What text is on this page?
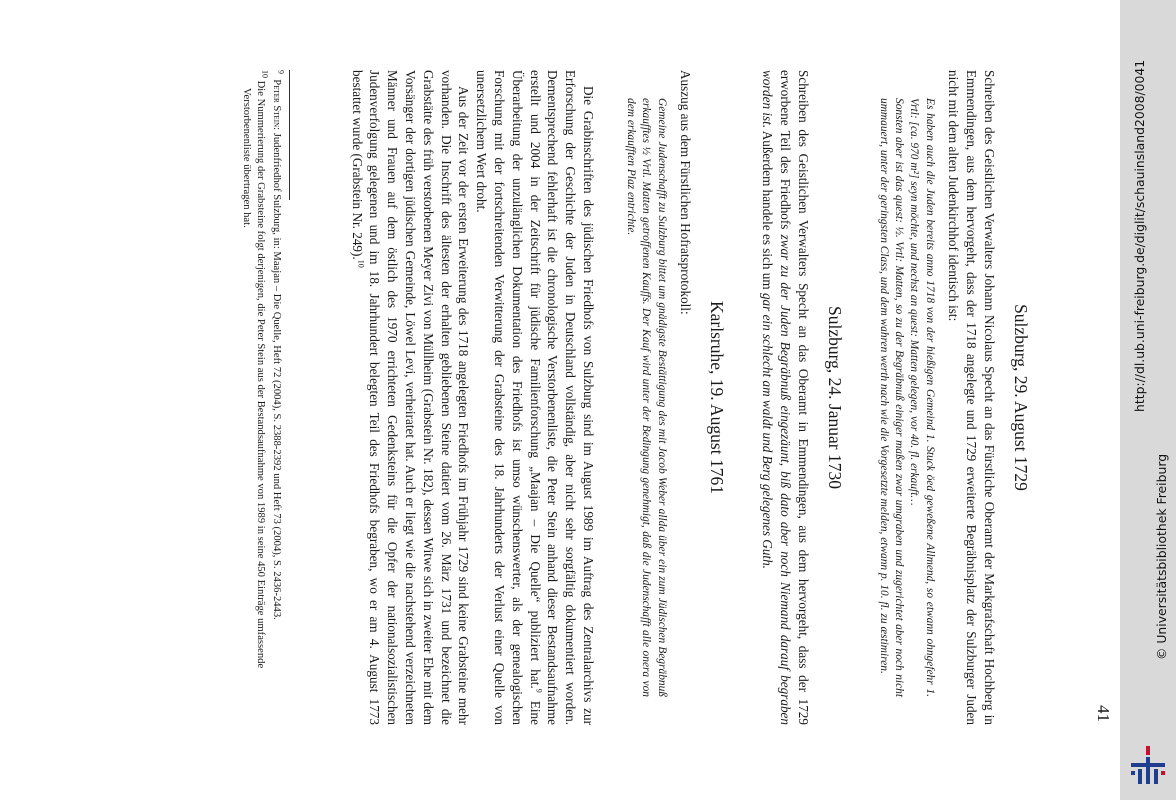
41
Sulzburg, 29. August 1729

Schreiben des Geistlichen Verwalters Johann Nicolaus Specht an das Fürstliche Oberamt der Markgrafschaft Hochberg in Emmendingen, aus dem hervorgeht, dass der 1718 angelegte und 1729 erweiterte Begräbnisplatz der Sulzburger Juden nicht mit dem alten Judenkirchhof identisch ist:

Es haben auch die Juden bereits anno 1718 von der hießigen Gemeind 1. Stuck öed geweßene Allmend, so etwann ohngefehr 1. Vrtl: [ca. 970 m²] seyn möchte, und nechst an quest: Matten gelegen, vor 40. fl. erkauft…

Sonsten aber ist das quest: ½. Vrtl: Matten, so zu der Begräbnuß einiger maßen zwar umgraben und zugerichtet aber noch nicht ummauert, unter der geringsten Class, und dem wahren werth nach wie die Vorgesetzte melden, etwann p. 10. fl. zu æstimiren.

Sulzburg, 24. Januar 1730

Schreiben des Geistlichen Verwalters Specht an das Oberamt in Emmendingen, aus dem hervorgeht, dass der 1729 erworbene Teil des Friedhofs zwar zu der Juden Begräbnuß eingezäunt, biß dato aber noch Niemand darauf begraben worden ist. Außerdem handele es sich um gar ein schlecht am waldt und Berg gelegenes Guth.

Karlsruhe, 19. August 1761

Auszug aus dem Fürstlichen Hofratsprotokoll:

Gemeine Judenschafft zu Sulzburg bittet um gnädigste Bestättigung des mit Jacob Weber allda über ein zum Jüdischen Begräbnuß erkaufftes ½ Vrtl. Matten getroffenen Kauffs. Der Kauf wird unter der Bedingung genehmigt, daß die Judenschafft alle onera von dem erkaufften Plaz entrichte.

Die Grabinschriften des jüdischen Friedhofs von Sulzburg sind im August 1989 im Auftrag des Zentralarchivs zur Erforschung der Geschichte der Juden in Deutschland vollständig, aber nicht sehr sorgfältig dokumentiert worden. Dementsprechend fehlerhaft ist die chronologische Verstorbenenliste, die Peter Stein anhand dieser Bestandsaufnahme erstellt und 2004 in der Zeitschrift für jüdische Familienforschung „Maajan – Die Quelle“ publiziert hat.$^9$ Eine Überarbeitung der unzulänglichen Dokumentation des Friedhofs ist umso wünschenswerter, als der genealogischen Forschung mit der fortschreitenden Verwitterung der Grabsteine des 18. Jahrhunderts der Verlust einer Quelle von unersetzlichem Wert droht.

Aus der Zeit vor der ersten Erweiterung des 1718 angelegten Friedhofs im Frühjahr 1729 sind keine Grabsteine mehr vorhanden. Die Inschrift des ältesten der erhalten gebliebenen Steine datiert vom 26. März 1731 und bezeichnet die Grabstätte des früh verstorbenen Meyer Zivi von Müllheim (Grabstein Nr. 182), dessen Witwe sich in zweiter Ehe mit dem Vorsänger der dortigen jüdischen Gemeinde, Löwel Levi, verheiratet hat. Auch er liegt wie die nachstehend verzeichneten Männer und Frauen auf dem östlich des 1970 errichteten Gedenksteins für die Opfer der nationalsozialistischen Judenverfolgung gelegenen und im 18. Jahrhundert belegten Teil des Friedhofs begraben, wo er am 4. August 1773 bestattet wurde (Grabstein Nr. 249).$^{10}$

$^9$  Peter Stein: Judenfriedhof Sulzburg, in: Maajan – Die Quelle, Heft 72 (2004), S. 2388-2392 und Heft 73 (2004), S. 2436-2443.

$^{10}$ Die Nummerierung der Grabsteine folgt derjenigen, die Peter Stein aus der Bestandsaufnahme von 1989 in seine 450 Einträge umfassende Verstorbenenliste übertragen hat.	http://dl.ub.uni-freiburg.de/diglit/schauinsland2008/0041
© Universitätsbibliothek Freiburg
